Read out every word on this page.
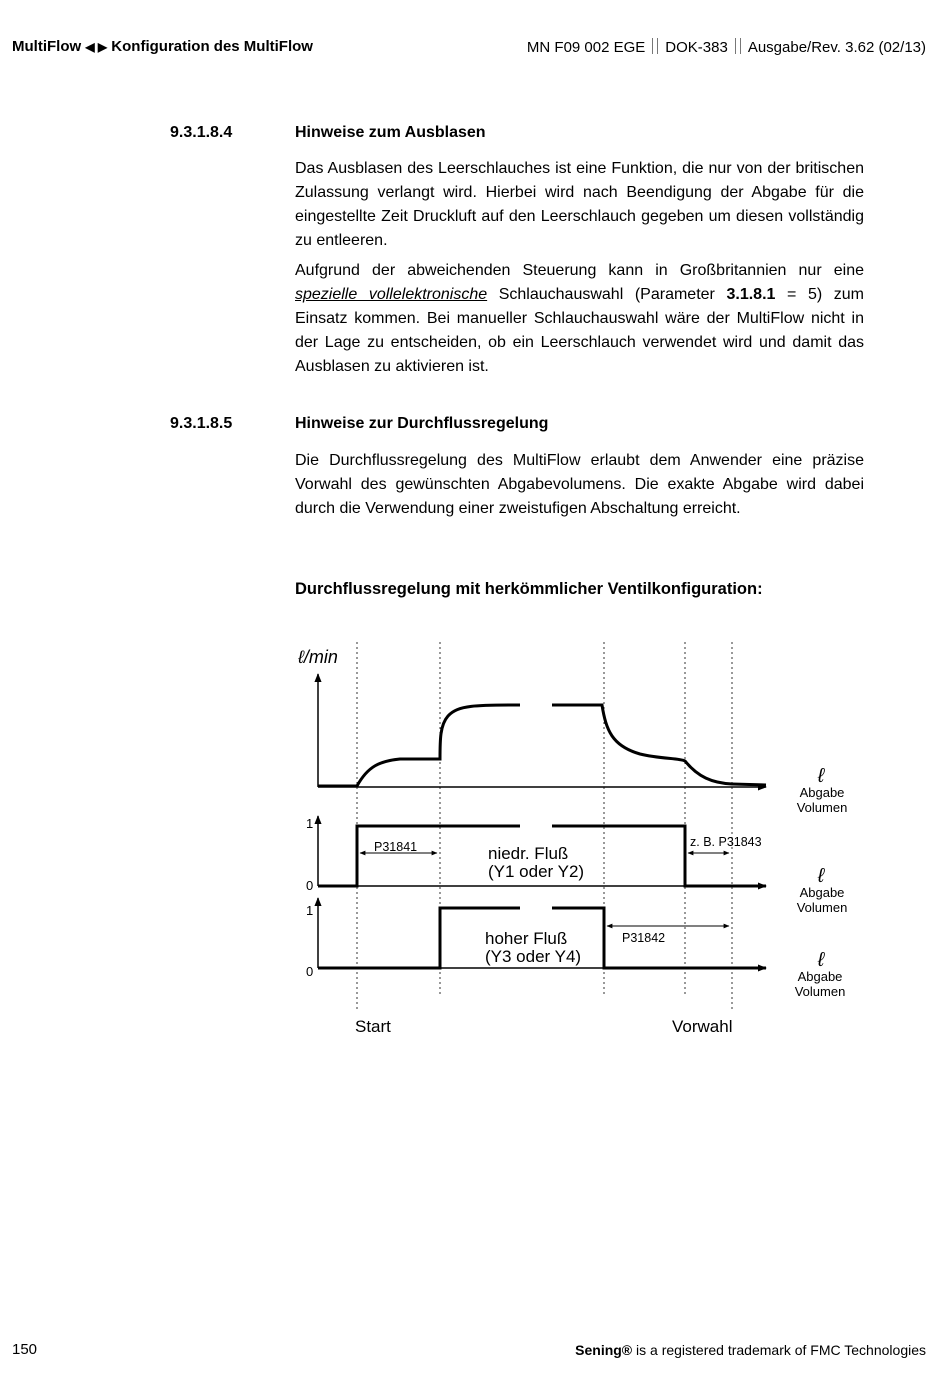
MultiFlow ◀ ▶ Konfiguration des MultiFlow	MN F09 002 EGE DOK-383 Ausgabe/Rev. 3.62 (02/13)
9.3.1.8.4	Hinweise zum Ausblasen
Das Ausblasen des Leerschlauches ist eine Funktion, die nur von der britischen Zulassung verlangt wird. Hierbei wird nach Beendigung der Abgabe für die eingestellte Zeit Druckluft auf den Leerschlauch gegeben um diesen vollständig zu entleeren.
Aufgrund der abweichenden Steuerung kann in Großbritannien nur eine spezielle vollelektronische Schlauchauswahl (Parameter 3.1.8.1 = 5) zum Einsatz kommen. Bei manueller Schlauchauswahl wäre der MultiFlow nicht in der Lage zu entscheiden, ob ein Leerschlauch verwendet wird und damit das Ausblasen zu aktivieren ist.
9.3.1.8.5	Hinweise zur Durchflussregelung
Die Durchflussregelung des MultiFlow erlaubt dem Anwender eine präzise Vorwahl des gewünschten Abgabevolumens. Die exakte Abgabe wird dabei durch die Verwendung einer zweistufigen Abschaltung erreicht.
Durchflussregelung mit herkömmlicher Ventilkonfiguration:
ℓ/min
ℓ
Abgabe
Volumen
1
0
P31841	z. B. P31843
niedr. Fluß
(Y1 oder Y2)	ℓ
Abgabe
Volumen
1
0
P31842
hoher Fluß
(Y3 oder Y4)	ℓ
Abgabe
Volumen
Start	Vorwahl
150	Sening® is a registered trademark of FMC Technologies
